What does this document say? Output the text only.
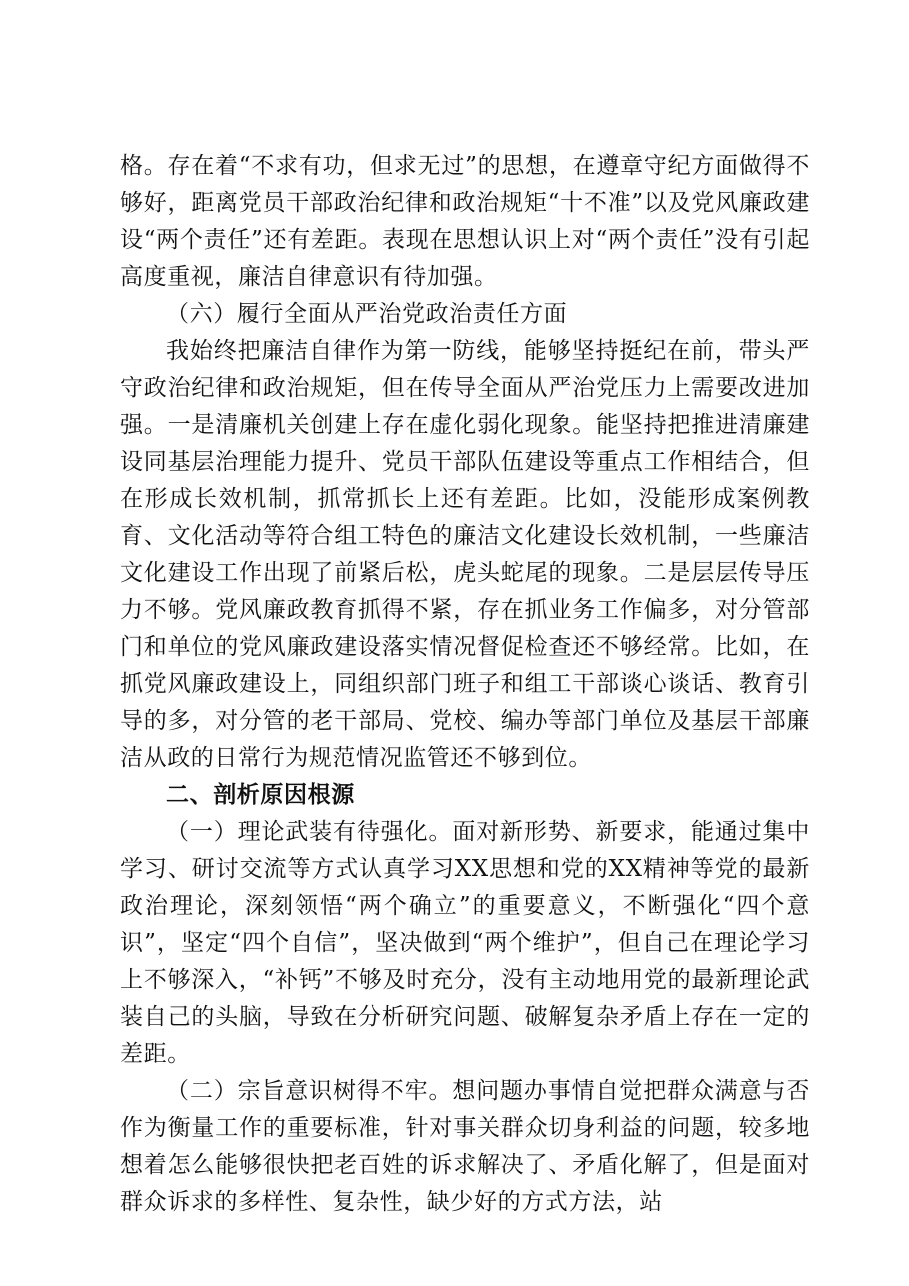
格。存在着“不求有功，但求无过”的思想，在遵章守纪方面做得不够好，距离党员干部政治纪律和政治规矩“十不准”以及党风廉政建设“两个责任”还有差距。表现在思想认识上对“两个责任”没有引起高度重视，廉洁自律意识有待加强。

（六）履行全面从严治党政治责任方面

我始终把廉洁自律作为第一防线，能够坚持挺纪在前，带头严守政治纪律和政治规矩，但在传导全面从严治党压力上需要改进加强。一是清廉机关创建上存在虚化弱化现象。能坚持把推进清廉建设同基层治理能力提升、党员干部队伍建设等重点工作相结合，但在形成长效机制，抓常抓长上还有差距。比如，没能形成案例教育、文化活动等符合组工特色的廉洁文化建设长效机制，一些廉洁文化建设工作出现了前紧后松，虎头蛇尾的现象。二是层层传导压力不够。党风廉政教育抓得不紧，存在抓业务工作偏多，对分管部门和单位的党风廉政建设落实情况督促检查还不够经常。比如，在抓党风廉政建设上，同组织部门班子和组工干部谈心谈话、教育引导的多，对分管的老干部局、党校、编办等部门单位及基层干部廉洁从政的日常行为规范情况监管还不够到位。

二、剖析原因根源

（一）理论武装有待强化。面对新形势、新要求，能通过集中学习、研讨交流等方式认真学习XX思想和党的XX精神等党的最新政治理论，深刻领悟“两个确立”的重要意义，不断强化“四个意识”，坚定“四个自信”，坚决做到“两个维护”，但自己在理论学习上不够深入，“补钙”不够及时充分，没有主动地用党的最新理论武装自己的头脑，导致在分析研究问题、破解复杂矛盾上存在一定的差距。

（二）宗旨意识树得不牢。想问题办事情自觉把群众满意与否作为衡量工作的重要标准，针对事关群众切身利益的问题，较多地想着怎么能够很快把老百姓的诉求解决了、矛盾化解了，但是面对群众诉求的多样性、复杂性，缺少好的方式方法，站
